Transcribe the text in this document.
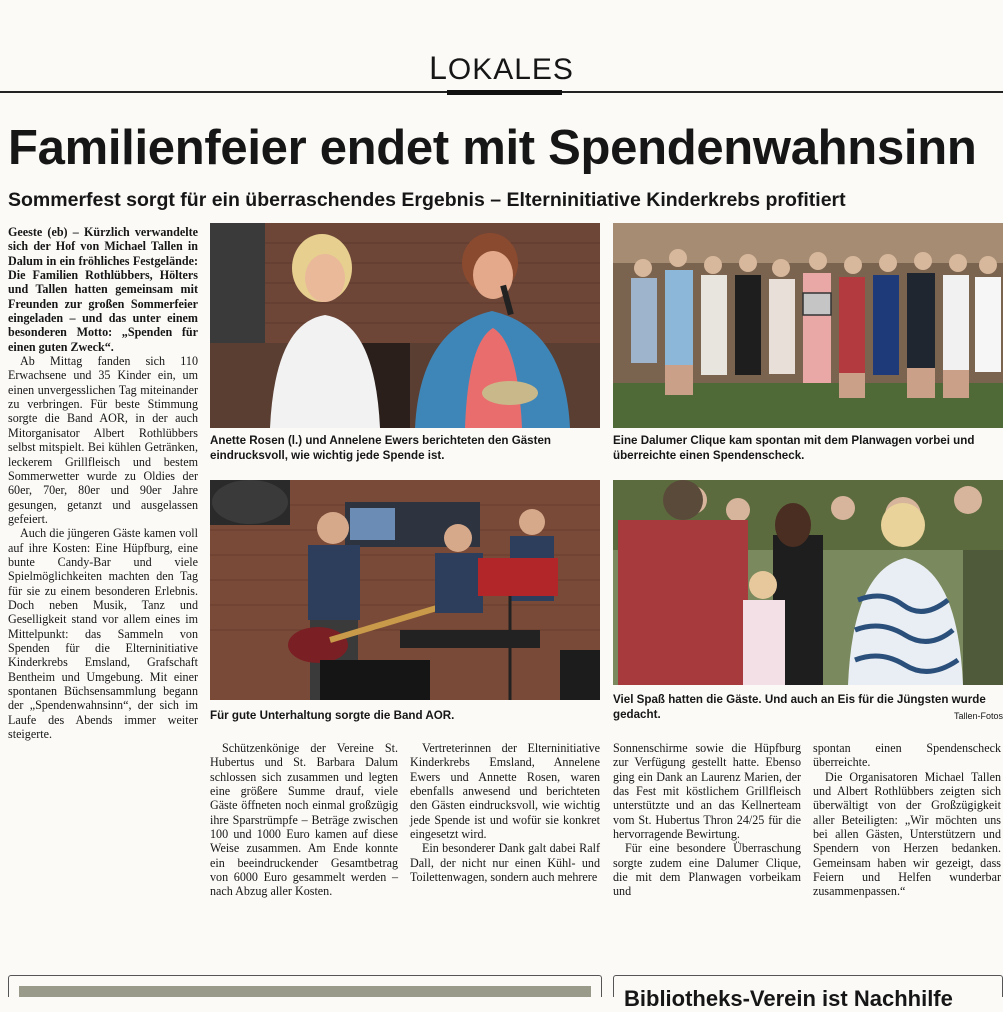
LOKALES
Familienfeier endet mit Spendenwahnsinn
Sommerfest sorgt für ein überraschendes Ergebnis – Elterninitiative Kinderkrebs profitiert

Geeste (eb) – Kürzlich verwandelte sich der Hof von Michael Tallen in Dalum in ein fröhliches Festgelände: Die Familien Rothlübbers, Hölters und Tallen hatten gemeinsam mit Freunden zur großen Sommerfeier eingeladen – und das unter einem besonderen Motto: „Spenden für einen guten Zweck“.

Ab Mittag fanden sich 110 Erwachsene und 35 Kinder ein, um einen unvergesslichen Tag miteinander zu verbringen. Für beste Stimmung sorgte die Band AOR, in der auch Mitorganisator Albert Rothlübbers selbst mitspielt. Bei kühlen Getränken, leckerem Grillfleisch und bestem Sommerwetter wurde zu Oldies der 60er, 70er, 80er und 90er Jahre gesungen, getanzt und ausgelassen gefeiert.

Auch die jüngeren Gäste kamen voll auf ihre Kosten: Eine Hüpfburg, eine bunte Candy-Bar und viele Spielmöglichkeiten machten den Tag für sie zu einem besonderen Erlebnis. Doch neben Musik, Tanz und Geselligkeit stand vor allem eines im Mittelpunkt: das Sammeln von Spenden für die Elterninitiative Kinderkrebs Emsland, Grafschaft Bentheim und Umgebung. Mit einer spontanen Büchsensammlung begann der „Spendenwahnsinn“, der sich im Laufe des Abends immer weiter steigerte.

Anette Rosen (l.) und Annelene Ewers berichteten den Gästen eindrucksvoll, wie wichtig jede Spende ist.
Eine Dalumer Clique kam spontan mit dem Planwagen vorbei und überreichte einen Spendenscheck.
Für gute Unterhaltung sorgte die Band AOR.
Viel Spaß hatten die Gäste. Und auch an Eis für die Jüngsten wurde gedacht.	Tallen-Fotos

Schützenkönige der Vereine St. Hubertus und St. Barbara Dalum schlossen sich zusammen und legten eine größere Summe drauf, viele Gäste öffneten noch einmal großzügig ihre Sparstrümpfe – Beträge zwischen 100 und 1000 Euro kamen auf diese Weise zusammen. Am Ende konnte ein beeindruckender Gesamtbetrag von 6000 Euro gesammelt werden – nach Abzug aller Kosten.

Vertreterinnen der Elterninitiative Kinderkrebs Emsland, Annelene Ewers und Annette Rosen, waren ebenfalls anwesend und berichteten den Gästen eindrucksvoll, wie wichtig jede Spende ist und wofür sie konkret eingesetzt wird.

Ein besonderer Dank galt dabei Ralf Dall, der nicht nur einen Kühl- und Toilettenwagen, sondern auch mehrere

Sonnenschirme sowie die Hüpfburg zur Verfügung gestellt hatte. Ebenso ging ein Dank an Laurenz Marien, der das Fest mit köstlichem Grillfleisch unterstützte und an das Kellnerteam vom St. Hubertus Thron 24/25 für die hervorragende Bewirtung.

Für eine besondere Überraschung sorgte zudem eine Dalumer Clique, die mit dem Planwagen vorbeikam und

spontan einen Spendenscheck überreichte.

Die Organisatoren Michael Tallen und Albert Rothlübbers zeigten sich überwältigt von der Großzügigkeit aller Beteiligten: „Wir möchten uns bei allen Gästen, Unterstützern und Spendern von Herzen bedanken. Gemeinsam haben wir gezeigt, dass Feiern und Helfen wunderbar zusammenpassen.“

Bibliotheks-Verein ist Nachhilfe
